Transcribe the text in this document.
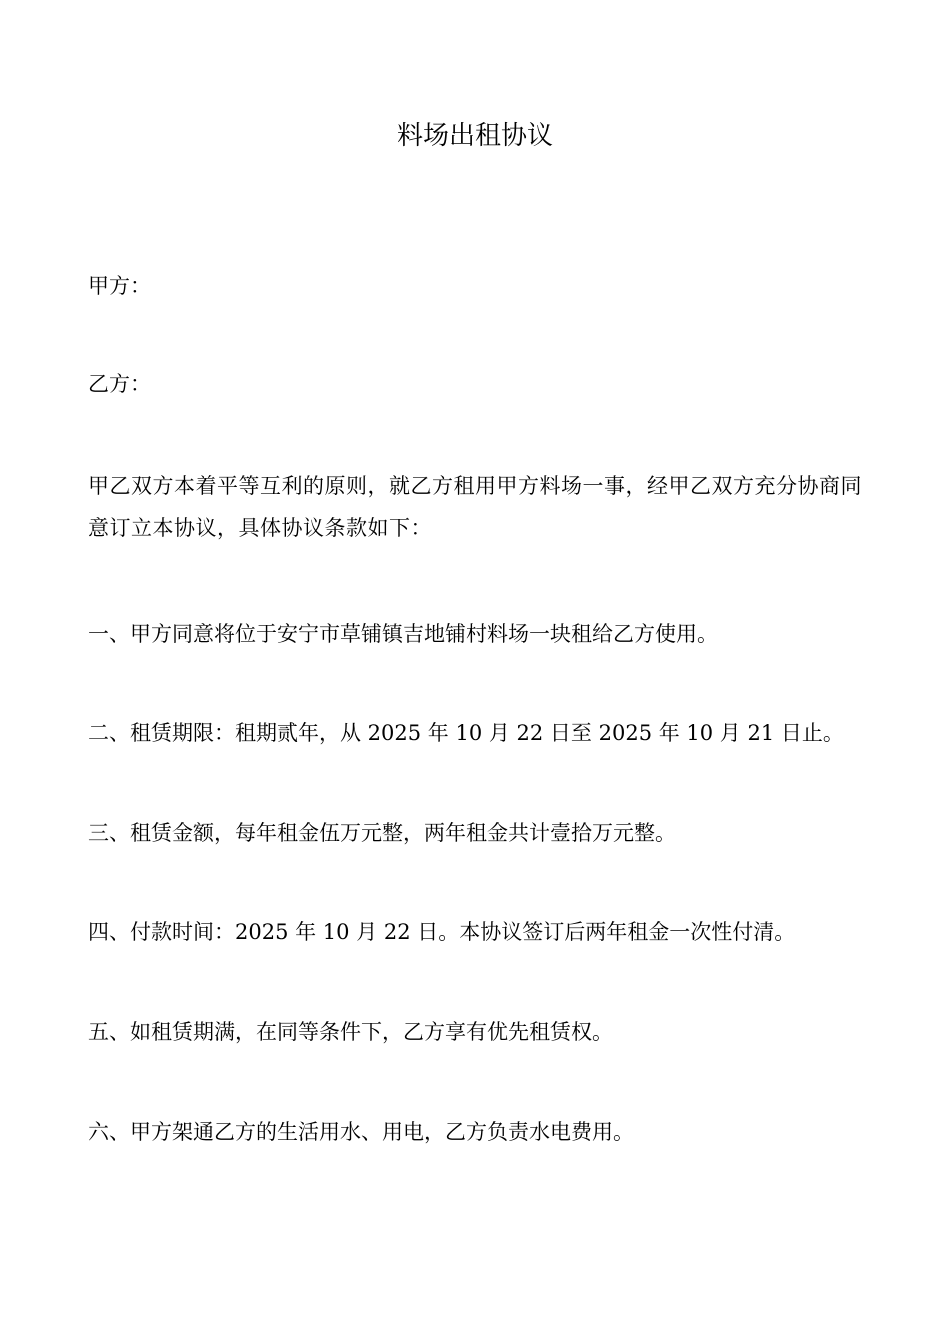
料场出租协议
甲方：
乙方：
甲乙双方本着平等互利的原则，就乙方租用甲方料场一事，经甲乙双方充分协商同意订立本协议，具体协议条款如下：
一、甲方同意将位于安宁市草铺镇吉地铺村料场一块租给乙方使用。
二、租赁期限：租期贰年，从 2025 年 10 月 22 日至 2025 年 10 月 21 日止。
三、租赁金额，每年租金伍万元整，两年租金共计壹拾万元整。
四、付款时间：2025 年 10 月 22 日。本协议签订后两年租金一次性付清。
五、如租赁期满，在同等条件下，乙方享有优先租赁权。
六、甲方架通乙方的生活用水、用电，乙方负责水电费用。
